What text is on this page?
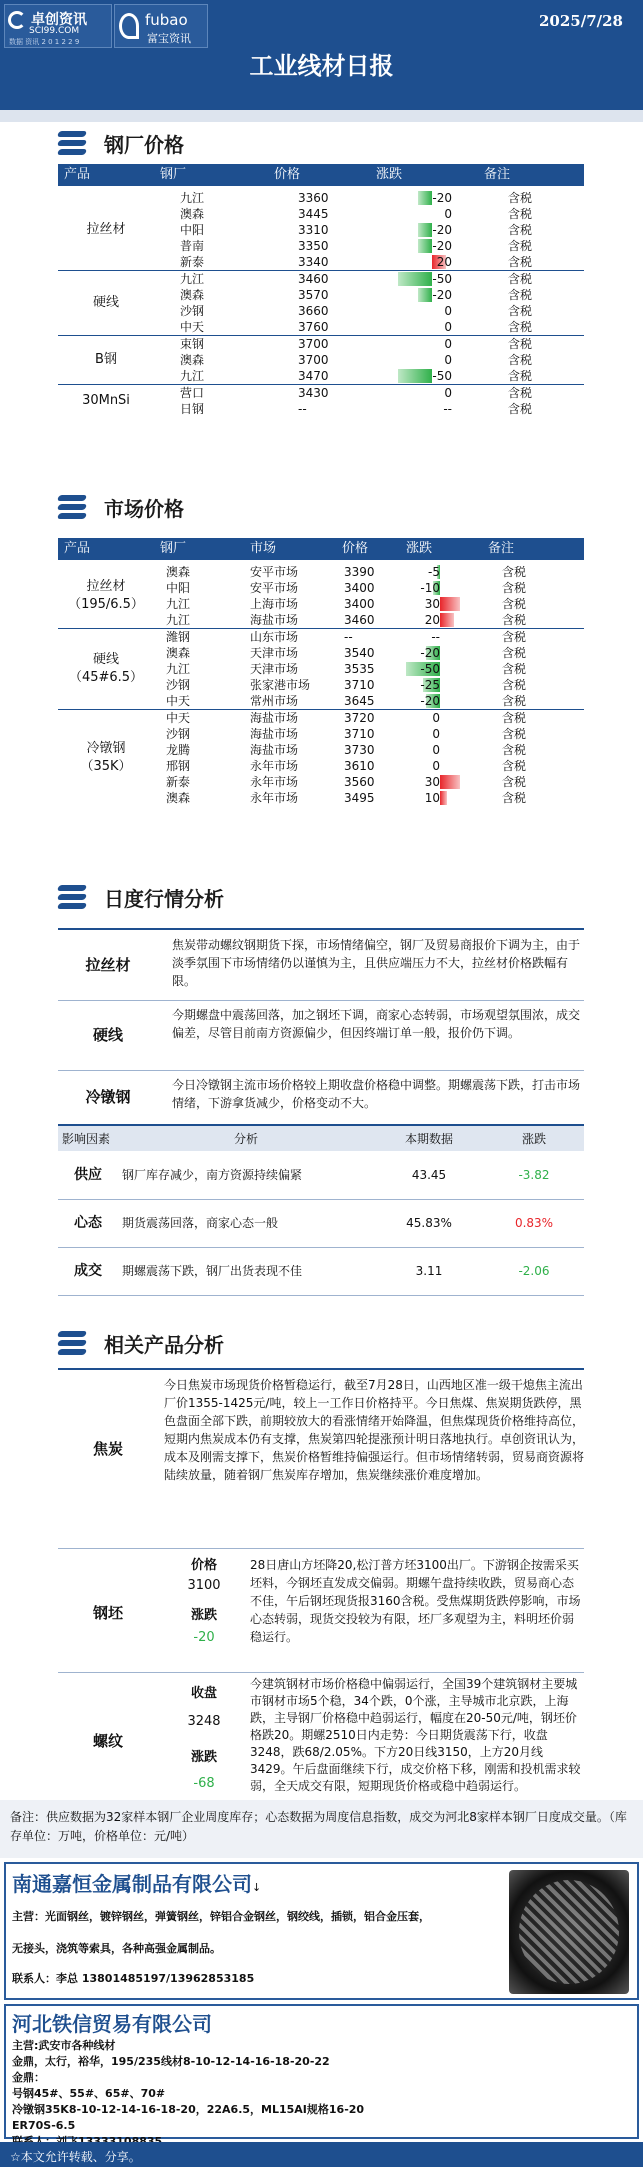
卓创资讯
SCI99.COM
数据 资讯 2 0 1 2 2 9
fubao
富宝资讯
2025/7/28
工业线材日报
钢厂价格
产品	钢厂	价格	涨跌	备注

拉丝材	九江	3360	-20	含税
	澳森	3445	0	含税
	中阳	3310	-20	含税
	普南	3350	-20	含税
	新泰	3340	20	含税
硬线	九江	3460	-50	含税
	澳森	3570	-20	含税
	沙钢	3660	0	含税
	中天	3760	0	含税
B钢	束钢	3700	0	含税
	澳森	3700	0	含税
	九江	3470	-50	含税
30MnSi	营口	3430	0	含税
	日钢	--	--	含税
市场价格
产品	钢厂	市场	价格	涨跌	备注

拉丝材
（195/6.5）	澳森	安平市场	3390	-5	含税
	中阳	安平市场	3400	-10	含税
	九江	上海市场	3400	30	含税
	九江	海盐市场	3460	20	含税

硬线
（45#6.5）	潍钢	山东市场	--	--	含税
	澳森	天津市场	3540	-20	含税
	九江	天津市场	3535	-50	含税
	沙钢	张家港市场	3710	-25	含税
	中天	常州市场	3645	-20	含税

冷镦钢
（35K）	中天	海盐市场	3720	0	含税
	沙钢	海盐市场	3710	0	含税
	龙腾	海盐市场	3730	0	含税
	邢钢	永年市场	3610	0	含税
	新泰	永年市场	3560	30	含税
	澳森	永年市场	3495	10	含税
日度行情分析
拉丝材
焦炭带动螺纹钢期货下探，市场情绪偏空，钢厂及贸易商报价下调为主，由于淡季氛围下市场情绪仍以谨慎为主，且供应端压力不大，拉丝材价格跌幅有限。
硬线
今期螺盘中震荡回落，加之钢坯下调，商家心态转弱，市场观望氛围浓，成交偏差，尽管目前南方资源偏少，但因终端订单一般，报价仍下调。
冷镦钢
今日冷镦钢主流市场价格较上期收盘价格稳中调整。期螺震荡下跌，打击市场情绪，下游拿货减少，价格变动不大。
影响因素	分析	本期数据	涨跌
供应	钢厂库存减少，南方资源持续偏紧	43.45	-3.82
心态	期货震荡回落，商家心态一般	45.83%	0.83%
成交	期螺震荡下跌，钢厂出货表现不佳	3.11	-2.06
相关产品分析
焦炭
今日焦炭市场现货价格暂稳运行，截至7月28日，山西地区准一级干熄焦主流出厂价1355-1425元/吨，较上一工作日价格持平。今日焦煤、焦炭期货跌停，黑色盘面全部下跌，前期较放大的看涨情绪开始降温，但焦煤现货价格维持高位，短期内焦炭成本仍有支撑，焦炭第四轮提涨预计明日落地执行。卓创资讯认为，成本及刚需支撑下，焦炭价格暂维持偏强运行。但市场情绪转弱，贸易商资源将陆续放量，随着钢厂焦炭库存增加，焦炭继续涨价难度增加。
钢坯
价格
3100
涨跌
-20
28日唐山方坯降20,松汀普方坯3100出厂。下游钢企按需采买坯料，今钢坯直发成交偏弱。期螺午盘持续收跌，贸易商心态不佳，午后钢坯现货报3160含税。受焦煤期货跌停影响，市场心态转弱，现货交投较为有限，坯厂多观望为主，料明坯价弱稳运行。
螺纹
收盘
3248
涨跌
-68
今建筑钢材市场价格稳中偏弱运行，全国39个建筑钢材主要城市钢材市场5个稳，34个跌，0个涨，主导城市北京跌，上海跌，主导钢厂价格稳中趋弱运行，幅度在20-50元/吨，钢坯价格跌20。期螺2510日内走势：今日期货震荡下行，收盘3248，跌68/2.05%。下方20日线3150，上方20月线3429。午后盘面继续下行，成交价格下移，刚需和投机需求较弱，全天成交有限，短期现货价格或稳中趋弱运行。
备注：供应数据为32家样本钢厂企业周度库存；心态数据为周度信息指数，成交为河北8家样本钢厂日度成交量。（库存单位：万吨，价格单位：元/吨）
南通嘉恒金属制品有限公司↓
主营：光面钢丝，镀锌钢丝，弹簧钢丝，锌铝合金钢丝，钢绞线，插锁，铝合金压套，
无接头，浇筑等索具，各种高强金属制品。
联系人：李总 13801485197/13962853185
河北铁信贸易有限公司
主营:武安市各种线材
金鼎，太行，裕华，195/235线材8-10-12-14-16-18-20-22
金鼎：
号钢45#、55#、65#、70#
冷镦钢35K8-10-12-14-16-18-20，22A6.5，ML15AI规格16-20
ER70S-6.5
☆本文允许转载、分享。
